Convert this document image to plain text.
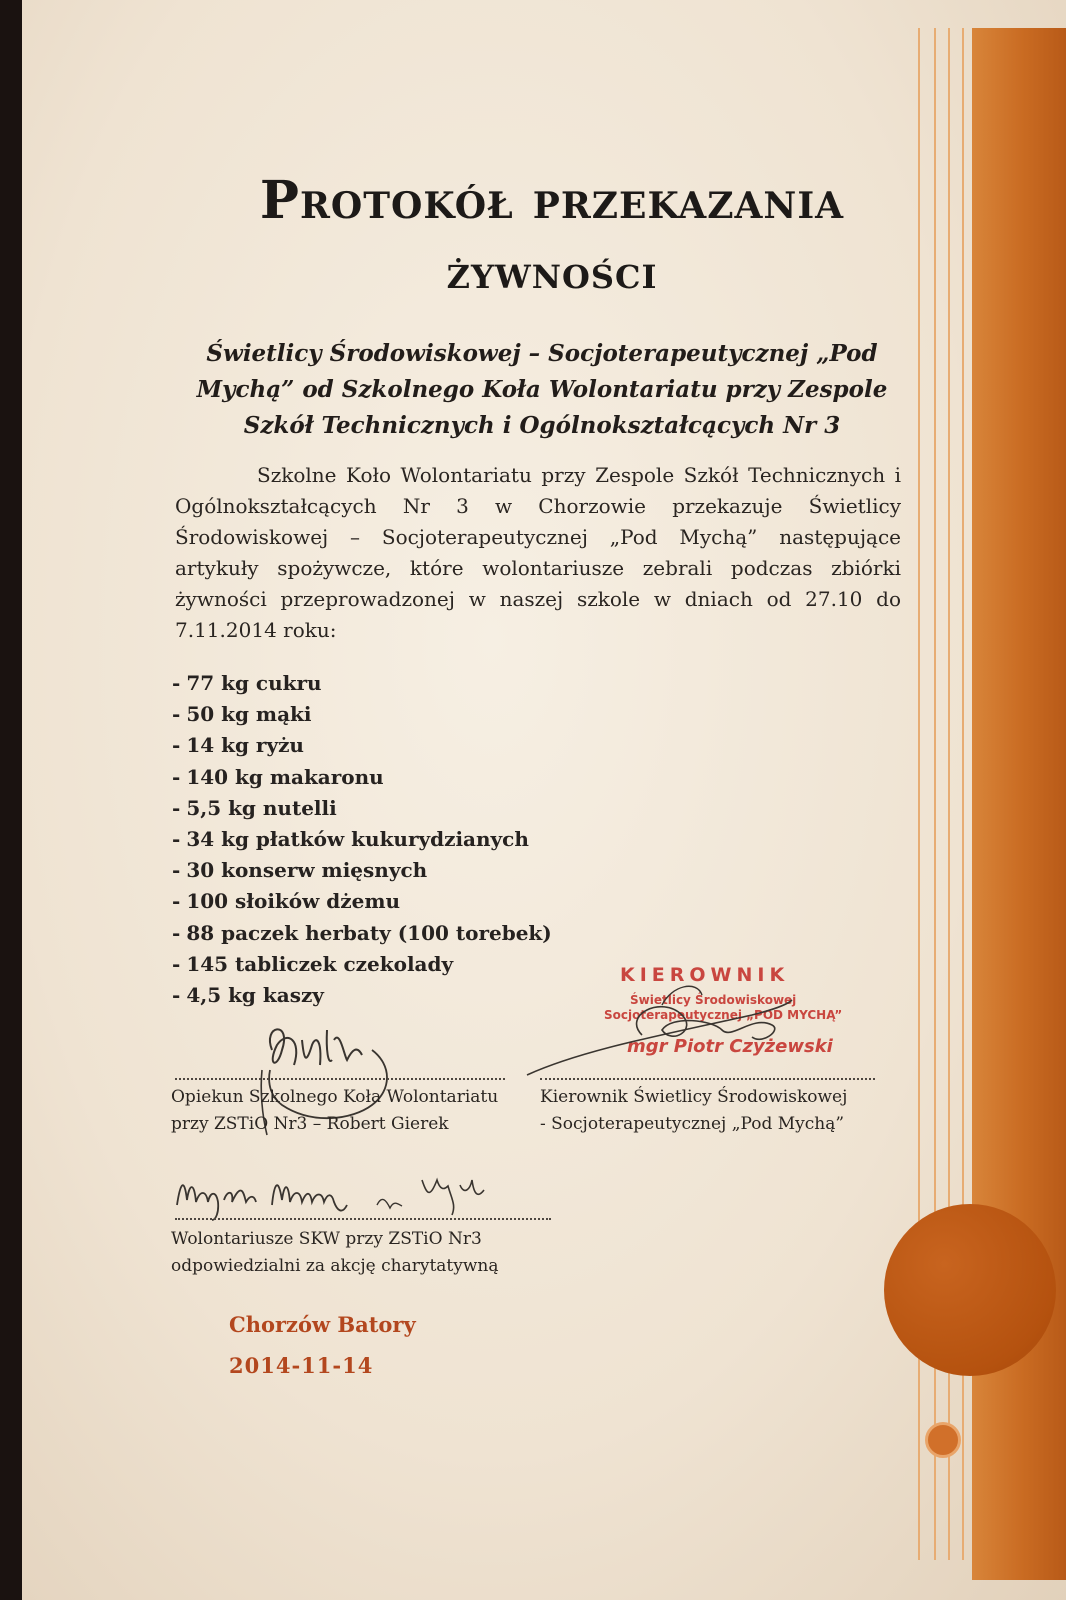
Protokół przekazania
żywności
Świetlicy Środowiskowej – Socjoterapeutycznej „Pod Mychą” od Szkolnego Koła Wolontariatu przy Zespole Szkół Technicznych i Ogólnokształcących Nr 3
Szkolne Koło Wolontariatu przy Zespole Szkół Technicznych i Ogólnokształcących Nr 3 w Chorzowie przekazuje Świetlicy Środowiskowej – Socjoterapeutycznej „Pod Mychą” następujące artykuły spożywcze, które wolontariusze zebrali podczas zbiórki żywności przeprowadzonej w naszej szkole w dniach od 27.10 do 7.11.2014 roku:
- 77 kg cukru
- 50 kg mąki
- 14 kg ryżu
- 140 kg makaronu
- 5,5 kg nutelli
- 34 kg płatków kukurydzianych
- 30 konserw mięsnych
- 100 słoików dżemu
- 88 paczek herbaty (100 torebek)
- 145 tabliczek czekolady
- 4,5 kg kaszy
Opiekun Szkolnego Koła Wolontariatu
przy ZSTiO Nr3 – Robert Gierek
KIEROWNIK
Świetlicy Środowiskowej
Socjoterapeutycznej „POD MYCHĄ”
mgr Piotr Czyżewski
Kierownik Świetlicy Środowiskowej
- Socjoterapeutycznej „Pod Mychą”
Wolontariusze SKW przy ZSTiO Nr3
odpowiedzialni za akcję charytatywną
Chorzów Batory
2014-11-14
